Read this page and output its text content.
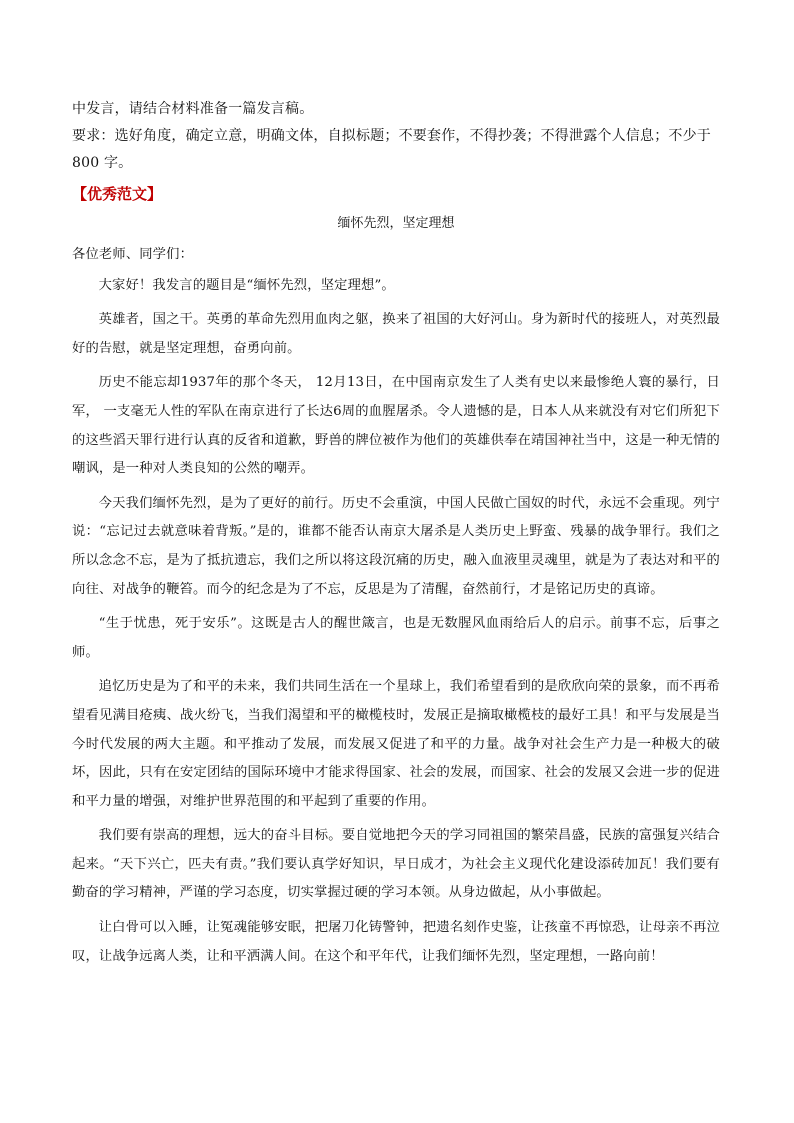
中发言，请结合材料准备一篇发言稿。

要求：选好角度，确定立意，明确文体，自拟标题；不要套作，不得抄袭；不得泄露个人信息；不少于 800 字。

【优秀范文】
缅怀先烈，坚定理想

各位老师、同学们：

大家好！我发言的题目是“缅怀先烈，坚定理想”。

英雄者，国之干。英勇的革命先烈用血肉之躯，换来了祖国的大好河山。身为新时代的接班人，对英烈最好的告慰，就是坚定理想，奋勇向前。

历史不能忘却1937年的那个冬天， 12月13日，在中国南京发生了人类有史以来最惨绝人寰的暴行，日军， 一支毫无人性的军队在南京进行了长达6周的血腥屠杀。令人遗憾的是，日本人从来就没有对它们所犯下的这些滔天罪行进行认真的反省和道歉，野兽的牌位被作为他们的英雄供奉在靖国神社当中，这是一种无情的嘲讽，是一种对人类良知的公然的嘲弄。

今天我们缅怀先烈，是为了更好的前行。历史不会重演，中国人民做亡国奴的时代，永远不会重现。列宁说：“忘记过去就意味着背叛。”是的，谁都不能否认南京大屠杀是人类历史上野蛮、残暴的战争罪行。我们之所以念念不忘，是为了抵抗遗忘，我们之所以将这段沉痛的历史，融入血液里灵魂里，就是为了表达对和平的向往、对战争的鞭笞。而今的纪念是为了不忘，反思是为了清醒，奋然前行，才是铭记历史的真谛。

“生于忧患，死于安乐”。这既是古人的醒世箴言，也是无数腥风血雨给后人的启示。前事不忘，后事之师。

追忆历史是为了和平的未来，我们共同生活在一个星球上，我们希望看到的是欣欣向荣的景象，而不再希望看见满目疮痍、战火纷飞，当我们渴望和平的橄榄枝时，发展正是摘取橄榄枝的最好工具！和平与发展是当今时代发展的两大主题。和平推动了发展，而发展又促进了和平的力量。战争对社会生产力是一种极大的破坏，因此，只有在安定团结的国际环境中才能求得国家、社会的发展，而国家、社会的发展又会进一步的促进和平力量的增强，对维护世界范围的和平起到了重要的作用。

我们要有崇高的理想，远大的奋斗目标。要自觉地把今天的学习同祖国的繁荣昌盛，民族的富强复兴结合起来。“天下兴亡，匹夫有责。”我们要认真学好知识，早日成才，为社会主义现代化建设添砖加瓦！我们要有勤奋的学习精神，严谨的学习态度，切实掌握过硬的学习本领。从身边做起，从小事做起。

让白骨可以入睡，让冤魂能够安眠，把屠刀化铸警钟，把遗名刻作史鉴，让孩童不再惊恐，让母亲不再泣叹，让战争远离人类，让和平洒满人间。在这个和平年代，让我们缅怀先烈，坚定理想，一路向前！
